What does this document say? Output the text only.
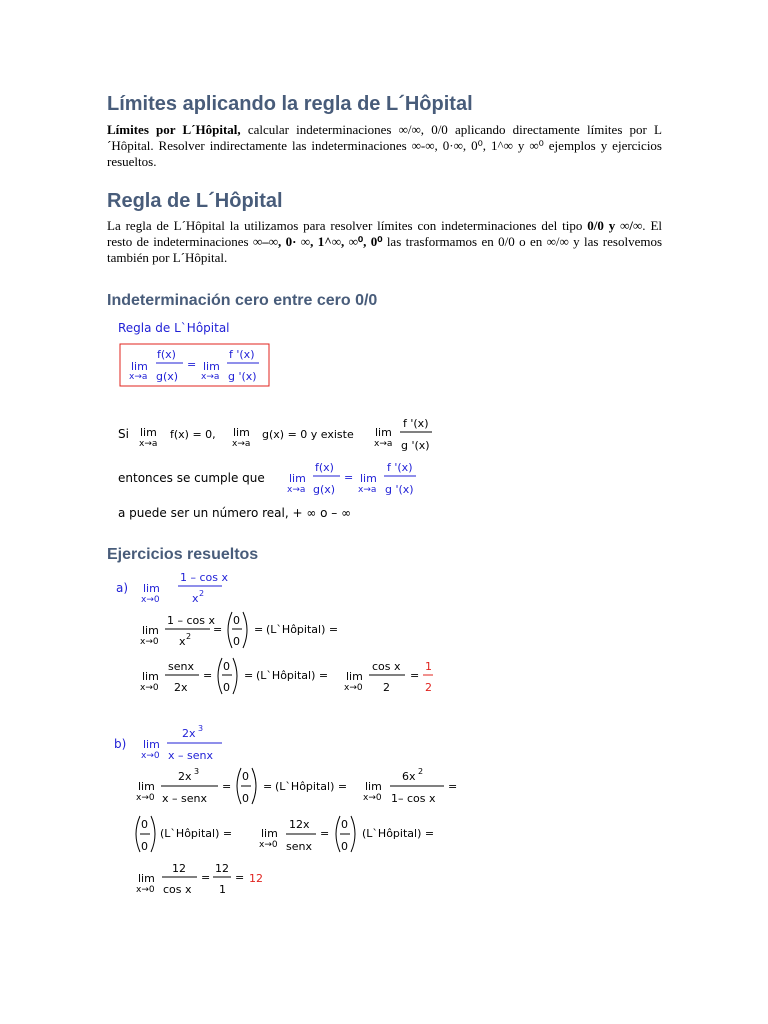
Límites aplicando la regla de L´Hôpital

Límites por L´Hôpital, calcular indeterminaciones ∞/∞, 0/0 aplicando directamente límites por L´Hôpital. Resolver indirectamente las indeterminaciones ∞-∞, 0·∞, 0⁰, 1^∞ y ∞⁰ ejemplos y ejercicios resueltos.

Regla de L´Hôpital

La regla de L´Hôpital la utilizamos para resolver límites con indeterminaciones del tipo 0/0 y ∞/∞. El resto de indeterminaciones ∞–∞, 0· ∞, 1^∞, ∞⁰, 0⁰ las trasformamos en 0/0 o en ∞/∞ y las resolvemos también por L´Hôpital.

Indeterminación cero entre cero 0/0
Ejercicios resueltos
Regla de L`Hôpital
lim
x→a
f(x)
g(x)
= lim
x→a
f '(x)
g '(x)
Si lim
x→a
f(x) = 0, lim
x→a
g(x) = 0 y existe lim
x→a
f '(x)
g '(x)
entonces se cumple que lim
x→a
f(x)
g(x)
= lim
x→a
f '(x)
g '(x)
a puede ser un número real, + ∞ o – ∞
a) lim
x→0
1 – cos x
x 2
lim
x→0
1 – cos x
x 2
=
0
0
= (L`Hôpital) =
lim
x→0
senx
2x
=
0
0
= (L`Hôpital) = lim
x→0
cos x
2
=
1
2
b) lim
x→0
2x 3
x – senx
lim
x→0
2x 3
x – senx
=
0
0
= (L`Hôpital) = lim
x→0
6x 2
1– cos x
=
0
0
(L`Hôpital) =	lim
x→0
12x
senx
=
0
0
(L`Hôpital) =
lim
x→0
12
cos x
=
12
1
= 12
